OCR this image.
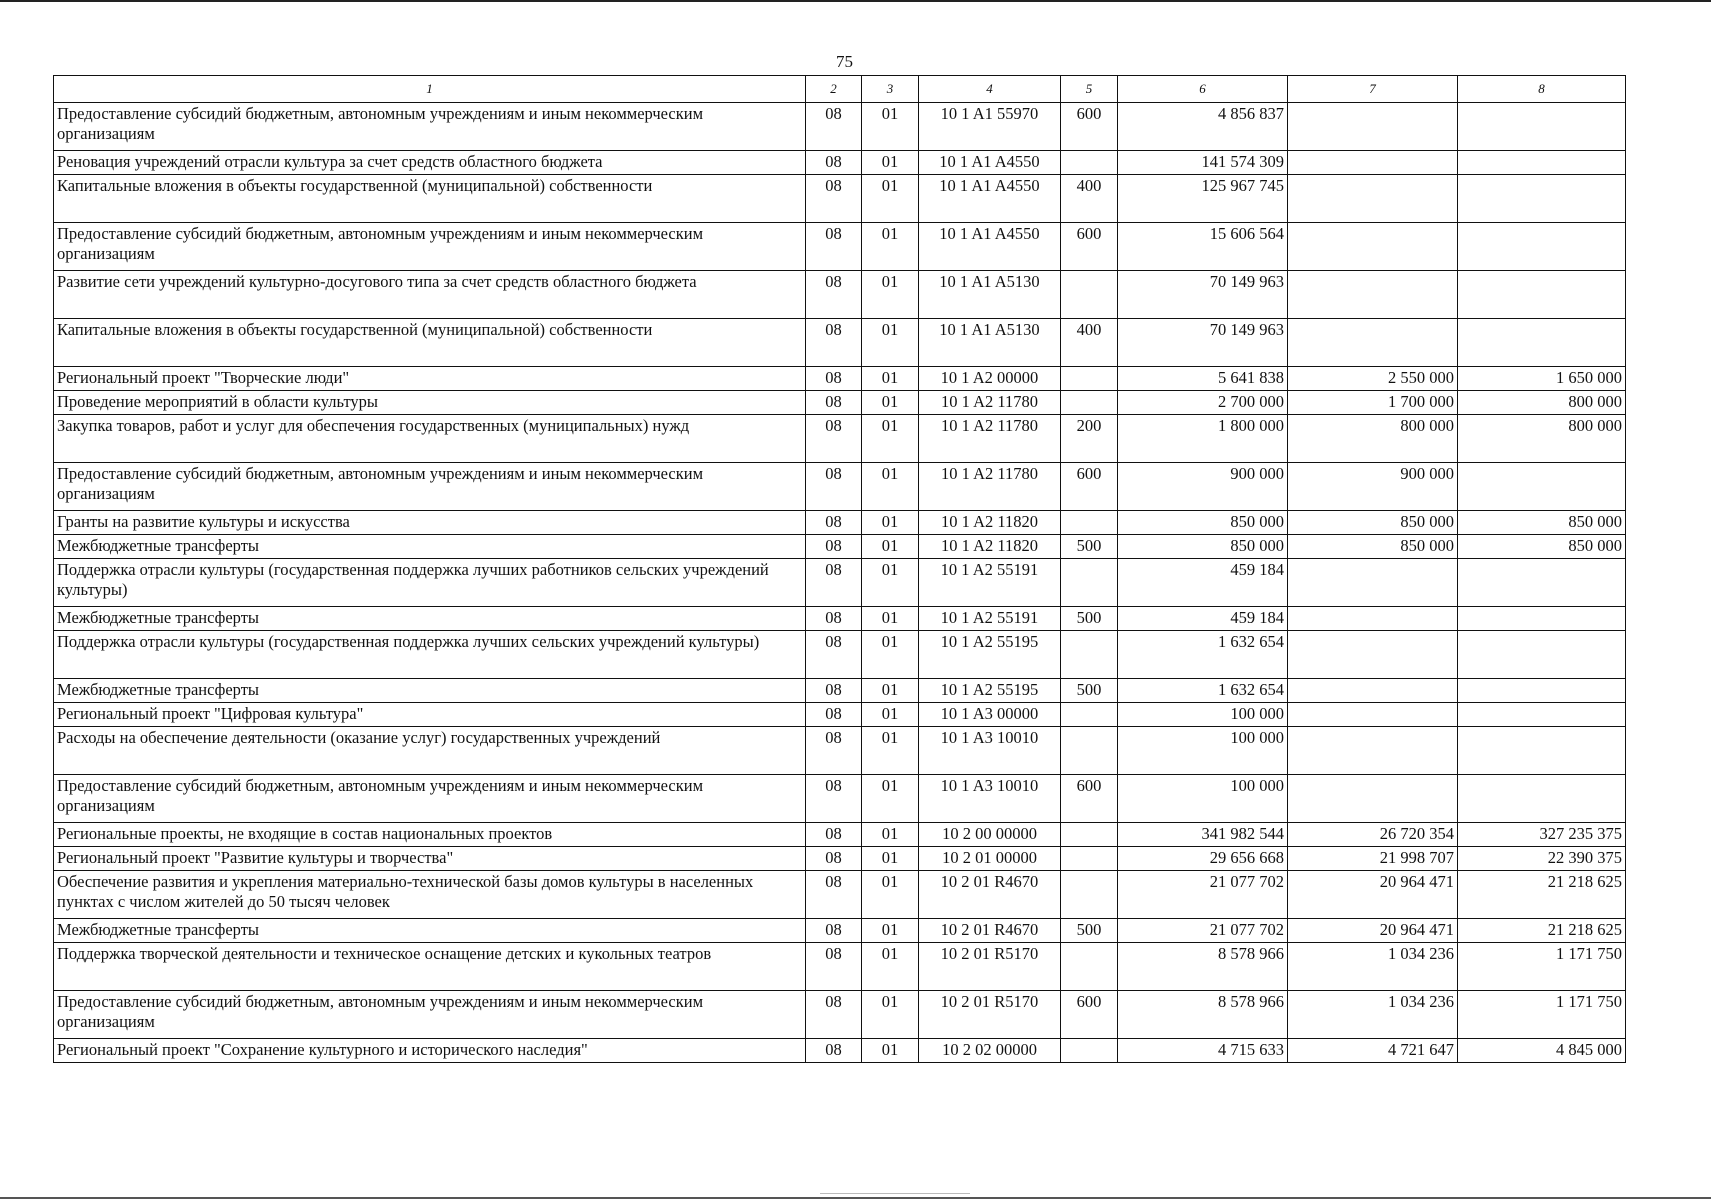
75
1	2	3	4	5	6	7	8
Предоставление субсидий бюджетным, автономным учреждениям и иным некоммерческим организациям	08	01	10 1 A1 55970	600	4 856 837		
Реновация учреждений отрасли культура за счет средств областного бюджета	08	01	10 1 A1 A4550		141 574 309		
Капитальные вложения в объекты государственной (муниципальной) собственности	08	01	10 1 A1 A4550	400	125 967 745		
Предоставление субсидий бюджетным, автономным учреждениям и иным некоммерческим организациям	08	01	10 1 A1 A4550	600	15 606 564		
Развитие сети учреждений культурно-досугового типа за счет средств областного бюджета	08	01	10 1 A1 A5130		70 149 963		
Капитальные вложения в объекты государственной (муниципальной) собственности	08	01	10 1 A1 A5130	400	70 149 963		
Региональный проект "Творческие люди"	08	01	10 1 A2 00000		5 641 838	2 550 000	1 650 000
Проведение мероприятий в области культуры	08	01	10 1 A2 11780		2 700 000	1 700 000	800 000
Закупка товаров, работ и услуг для обеспечения государственных (муниципальных) нужд	08	01	10 1 A2 11780	200	1 800 000	800 000	800 000
Предоставление субсидий бюджетным, автономным учреждениям и иным некоммерческим организациям	08	01	10 1 A2 11780	600	900 000	900 000	
Гранты на развитие культуры и искусства	08	01	10 1 A2 11820		850 000	850 000	850 000
Межбюджетные трансферты	08	01	10 1 A2 11820	500	850 000	850 000	850 000
Поддержка отрасли культуры (государственная поддержка лучших работников сельских учреждений культуры)	08	01	10 1 A2 55191		459 184		
Межбюджетные трансферты	08	01	10 1 A2 55191	500	459 184		
Поддержка отрасли культуры (государственная поддержка лучших сельских учреждений культуры)	08	01	10 1 A2 55195		1 632 654		
Межбюджетные трансферты	08	01	10 1 A2 55195	500	1 632 654		
Региональный проект "Цифровая культура"	08	01	10 1 A3 00000		100 000		
Расходы на обеспечение деятельности (оказание услуг) государственных учреждений	08	01	10 1 A3 10010		100 000		
Предоставление субсидий бюджетным, автономным учреждениям и иным некоммерческим организациям	08	01	10 1 A3 10010	600	100 000		
Региональные проекты, не входящие в состав национальных проектов	08	01	10 2 00 00000		341 982 544	26 720 354	327 235 375
Региональный проект "Развитие культуры и творчества"	08	01	10 2 01 00000		29 656 668	21 998 707	22 390 375
Обеспечение развития и укрепления материально-технической базы домов культуры в населенных пунктах с числом жителей до 50 тысяч человек	08	01	10 2 01 R4670		21 077 702	20 964 471	21 218 625
Межбюджетные трансферты	08	01	10 2 01 R4670	500	21 077 702	20 964 471	21 218 625
Поддержка творческой деятельности и техническое оснащение детских и кукольных театров	08	01	10 2 01 R5170		8 578 966	1 034 236	1 171 750
Предоставление субсидий бюджетным, автономным учреждениям и иным некоммерческим организациям	08	01	10 2 01 R5170	600	8 578 966	1 034 236	1 171 750
Региональный проект "Сохранение культурного и исторического наследия"	08	01	10 2 02 00000		4 715 633	4 721 647	4 845 000
